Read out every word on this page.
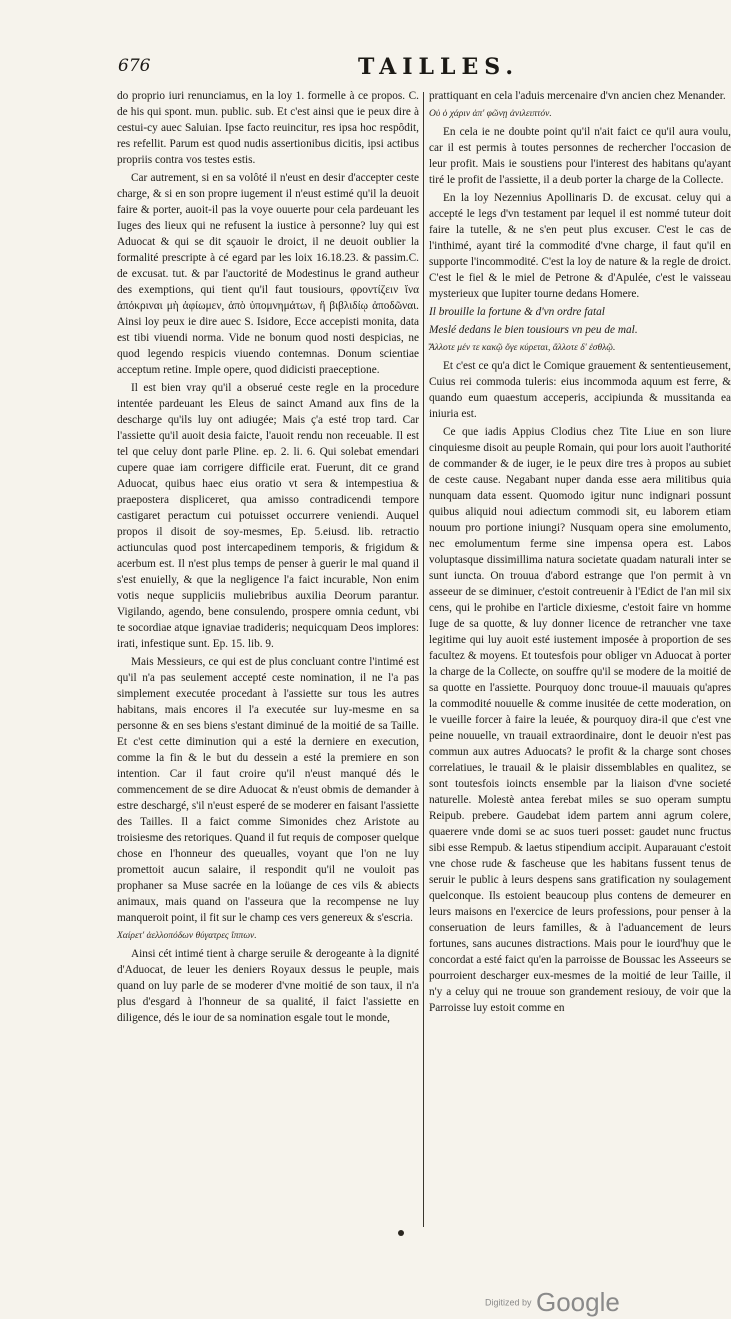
676	TAILLES.

do proprio iuri renunciamus, en la loy 1. formelle à ce propos. C. de his qui spont. mun. public. sub. Et c'est ainsi que ie peux dire à cestui-cy auec Saluian. Ipse facto reuincitur, res ipsa hoc respôdit, res refellit. Parum est quod nudis assertionibus dicitis, ipsi actibus propriis contra vos testes estis.

Car autrement, si en sa volôté il n'eust en desir d'accepter ceste charge, & si en son propre iugement il n'eust estimé qu'il la deuoit faire & porter, auoit-il pas la voye ouuerte pour cela pardeuant les Iuges des lieux qui ne refusent la iustice à personne? luy qui est Aduocat & qui se dit sçauoir le droict, il ne deuoit oublier la formalité prescripte à cé egard par les loix 16.18.23. & passim.C. de excusat. tut. & par l'auctorité de Modestinus le grand autheur des exemptions, qui tient qu'il faut tousiours, φροντίζειν ἵνα ἀπόκριναι μὴ ἀφίωμεν, ἀπὸ ὑπομνημάτων, ἢ βιβλιδίῳ ἀποδῶναι. Ainsi loy peux ie dire auec S. Isidore, Ecce accepisti monita, data est tibi viuendi norma. Vide ne bonum quod nosti despicias, ne quod legendo respicis viuendo contemnas. Donum scientiae acceptum retine. Imple opere, quod didicisti praeceptione.

Il est bien vray qu'il a obserué ceste regle en la procedure intentée pardeuant les Eleus de sainct Amand aux fins de la descharge qu'ils luy ont adiugée; Mais ç'a esté trop tard. Car l'assiette qu'il auoit desia faicte, l'auoit rendu non receuable. Il est tel que celuy dont parle Pline. ep. 2. li. 6. Qui solebat emendari cupere quae iam corrigere difficile erat. Fuerunt, dit ce grand Aduocat, quibus haec eius oratio vt sera & intempestiua & praepostera displiceret, qua amisso contradicendi tempore castigaret peractum cui potuisset occurrere veniendi. Auquel propos il disoit de soy-mesmes, Ep. 5.eiusd. lib. retractio actiunculas quod post intercapedinem temporis, & frigidum & acerbum est. Il n'est plus temps de penser à guerir le mal quand il s'est enuielly, & que la negligence l'a faict incurable, Non enim votis neque suppliciis muliebribus auxilia Deorum parantur. Vigilando, agendo, bene consulendo, prospere omnia cedunt, vbi te socordiae atque ignaviae tradideris; nequicquam Deos implores: irati, infestique sunt. Ep. 15. lib. 9.

Mais Messieurs, ce qui est de plus concluant contre l'intimé est qu'il n'a pas seulement accepté ceste nomination, il ne l'a pas simplement executée procedant à l'assiette sur tous les autres habitans, mais encores il l'a executée sur luy-mesme en sa personne & en ses biens s'estant diminué de la moitié de sa Taille. Et c'est cette diminution qui a esté la derniere en execution, comme la fin & le but du dessein a esté la premiere en son intention. Car il faut croire qu'il n'eust manqué dés le commencement de se dire Aduocat & n'eust obmis de demander à estre deschargé, s'il n'eust esperé de se moderer en faisant l'assiette des Tailles. Il a faict comme Simonides chez Aristote au troisiesme des retoriques. Quand il fut requis de composer quelque chose en l'honneur des queualles, voyant que l'on ne luy promettoit aucun salaire, il respondit qu'il ne vouloit pas prophaner sa Muse sacrée en la loüange de ces vils & abiects animaux, mais quand on l'asseura que la recompense ne luy manqueroit point, il fit sur le champ ces vers genereux & s'escria.

Χαίρετ' ἀελλοπόδων θύγατρες ἵππων.

Ainsi cét intimé tient à charge seruile & derogeante à la dignité d'Aduocat, de leuer les deniers Royaux dessus le peuple, mais quand on luy parle de se moderer d'vne moitié de son taux, il n'a plus d'esgard à l'honneur de sa qualité, il faict l'assiette en diligence, dés le iour de sa nomination esgale tout le monde,

prattiquant en cela l'aduis mercenaire d'vn ancien chez Menander.

Οὐ ὁ χάριν ἀπ' φῶνῃ ἀνιλειπτόν.

En cela ie ne doubte point qu'il n'ait faict ce qu'il aura voulu, car il est permis à toutes personnes de rechercher l'occasion de leur profit. Mais ie soustiens pour l'interest des habitans qu'ayant tiré le profit de l'assiette, il a deub porter la charge de la Collecte.

En la loy Nezennius Apollinaris D. de excusat. celuy qui a accepté le legs d'vn testament par lequel il est nommé tuteur doit faire la tutelle, & ne s'en peut plus excuser. C'est le cas de l'inthimé, ayant tiré la commodité d'vne charge, il faut qu'il en supporte l'incommodité. C'est la loy de nature & la regle de droict. C'est le fiel & le miel de Petrone & d'Apulée, c'est le vaisseau mysterieux que Iupiter tourne dedans Homere.

Il brouille la fortune & d'vn ordre fatal

Meslé dedans le bien tousiours vn peu de mal.

Ἄλλοτε μέν τε κακῷ ὅγε κύρεται, ἄλλοτε δ' ἐσθλῷ.

Et c'est ce qu'a dict le Comique grauement & sententieusement, Cuius rei commoda tuleris: eius incommoda aquum est ferre, & quando eum quaestum acceperis, accipiunda & mussitanda ea iniuria est.

Ce que iadis Appius Clodius chez Tite Liue en son liure cinquiesme disoit au peuple Romain, qui pour lors auoit l'authorité de commander & de iuger, ie le peux dire tres à propos au subiet de ceste cause. Negabant nuper danda esse aera militibus quia nunquam data essent. Quomodo igitur nunc indignari possunt quibus aliquid noui adiectum commodi sit, eu laborem etiam nouum pro portione iniungi? Nusquam opera sine emolumento, nec emolumentum ferme sine impensa opera est. Labos voluptasque dissimillima natura societate quadam naturali inter se sunt iuncta. On trouua d'abord estrange que l'on permit à vn asseeur de se diminuer, c'estoit contreuenir à l'Edict de l'an mil six cens, qui le prohibe en l'article dixiesme, c'estoit faire vn homme Iuge de sa quotte, & luy donner licence de retrancher vne taxe legitime qui luy auoit esté iustement imposée à proportion de ses facultez & moyens. Et toutesfois pour obliger vn Aduocat à porter la charge de la Collecte, on souffre qu'il se modere de la moitié de sa quotte en l'assiette. Pourquoy donc trouue-il mauuais qu'apres la commodité nouuelle & comme inusitée de cette moderation, on le vueille forcer à faire la leuée, & pourquoy dira-il que c'est vne peine nouuelle, vn trauail extraordinaire, dont le deuoir n'est pas commun aux autres Aduocats? le profit & la charge sont choses correlatiues, le trauail & le plaisir dissemblables en qualitez, se sont toutesfois ioincts ensemble par la liaison d'vne societé naturelle. Molestè antea ferebat miles se suo operam sumptu Reipub. prebere. Gaudebat idem partem anni agrum colere, quaerere vnde domi se ac suos tueri posset: gaudet nunc fructus sibi esse Rempub. & laetus stipendium accipit. Auparauant c'estoit vne chose rude & fascheuse que les habitans fussent tenus de seruir le public à leurs despens sans gratification ny soulagement quelconque. Ils estoient beaucoup plus contens de demeurer en leurs maisons en l'exercice de leurs professions, pour penser à la conseruation de leurs familles, & à l'aduancement de leurs fortunes, sans aucunes distractions. Mais pour le iourd'huy que le concordat a esté faict qu'en la parroisse de Boussac les Asseeurs se pourroient descharger eux-mesmes de la moitié de leur Taille, il n'y a celuy qui ne trouue son grandement resiouy, de voir que la Parroisse luy estoit comme en

Digitized by Google
